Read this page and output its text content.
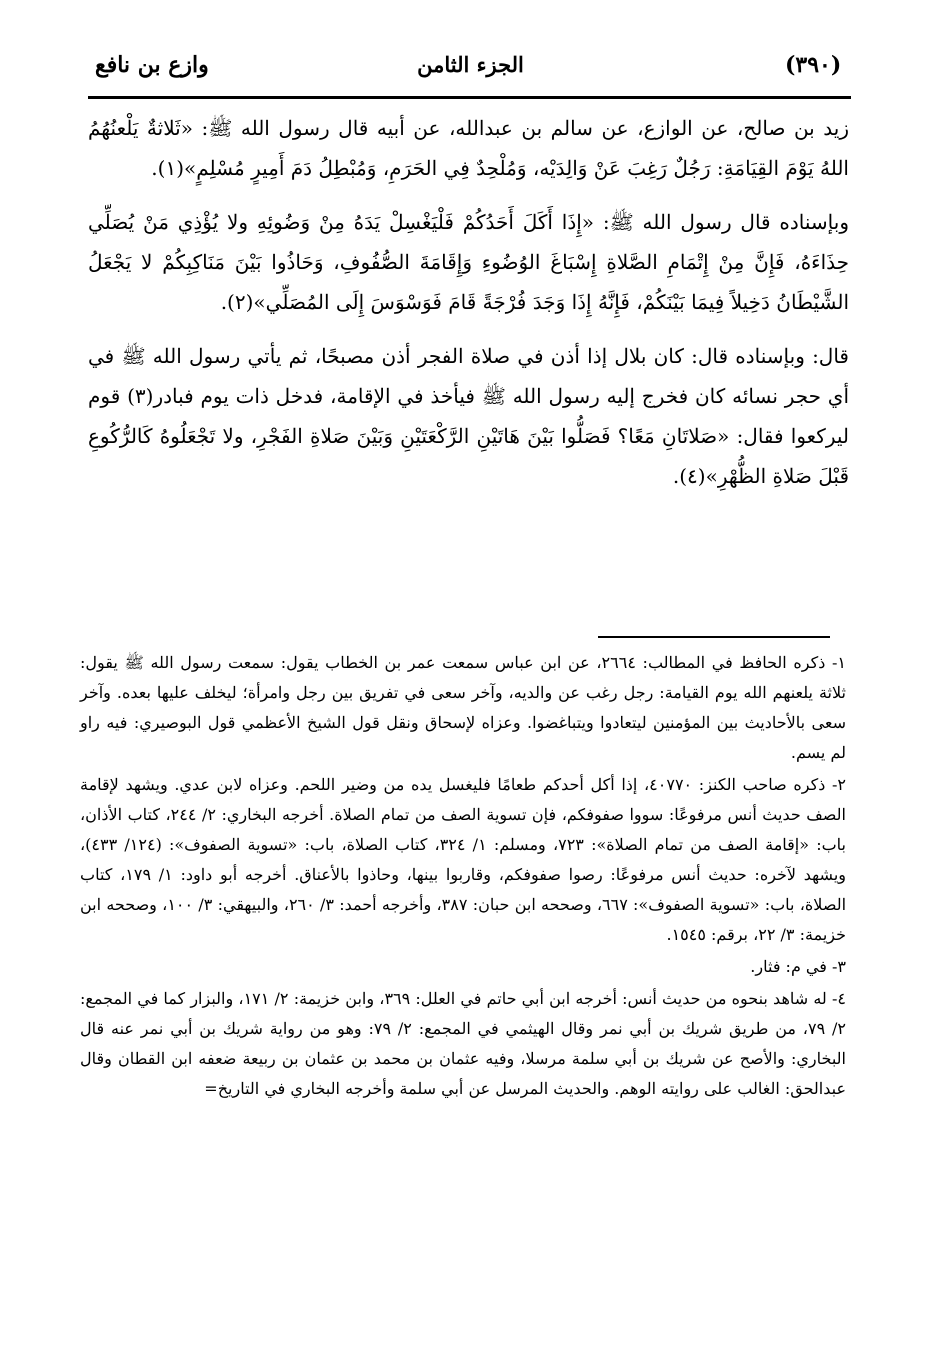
(٣٩٠)
الجزء الثامن
وازع بن نافع

زيد بن صالح، عن الوازع، عن سالم بن عبدالله، عن أبيه قال رسول الله ﷺ: «ثَلاثةٌ يَلْعنُهُمُ اللهُ يَوْمَ القِيَامَةِ: رَجُلٌ رَغِبَ عَنْ وَالِدَيْه، وَمُلْحِدٌ فِي الحَرَمِ، وَمُبْطِلُ دَمَ أَمِيرٍ مُسْلِمٍ»(١).

وبإسناده قال رسول الله ﷺ: «إِذَا أَكَلَ أَحَدُكُمْ فَلْيَغْسِلْ يَدَهُ مِنْ وَضُوئِهِ ولا يُؤْذِي مَنْ يُصَلِّي حِذَاءَهُ، فَإِنَّ مِنْ إِتْمَامِ الصَّلاةِ إِسْبَاغَ الوُضُوءِ وَإِقَامَةَ الصُّفُوفِ، وَحَاذُوا بَيْنَ مَنَاكِبِكُمْ لا يَجْعَلُ الشَّيْطَانُ دَخِيلاً فِيمَا بَيْنَكُمْ، فَإِنَّهُ إِذَا وَجَدَ فُرْجَةً قَامَ فَوَسْوَسَ إِلَى المُصَلِّي»(٢).

قال: وبإسناده قال: كان بلال إذا أذن في صلاة الفجر أذن مصبحًا، ثم يأتي رسول الله ﷺ في أي حجر نسائه كان فخرج إليه رسول الله ﷺ فيأخذ في الإقامة، فدخل ذات يوم فبادر(٣) قوم ليركعوا فقال: «صَلاتَانِ مَعًا؟ فَصَلُّوا بَيْنَ هَاتَيْنِ الرَّكْعَتَيْنِ وَبَيْنَ صَلاةِ الفَجْرِ، ولا تَجْعَلُوهُ كَالرُّكُوعِ قَبْلَ صَلاةِ الظُّهْرِ»(٤).

١- ذكره الحافظ في المطالب: ٢٦٦٤، عن ابن عباس سمعت عمر بن الخطاب يقول: سمعت رسول الله ﷺ يقول: ثلاثة يلعنهم الله يوم القيامة: رجل رغب عن والديه، وآخر سعى في تفريق بين رجل وامرأة؛ ليخلف عليها بعده. وآخر سعى بالأحاديث بين المؤمنين ليتعادوا ويتباغضوا. وعزاه لإسحاق ونقل قول الشيخ الأعظمي قول البوصيري: فيه راو لم يسم.

٢- ذكره صاحب الكنز: ٤٠٧٧٠، إذا أكل أحدكم طعامًا فليغسل يده من وضير اللحم. وعزاه لابن عدي. ويشهد لإقامة الصف حديث أنس مرفوعًا: سووا صفوفكم، فإن تسوية الصف من تمام الصلاة. أخرجه البخاري: ٢/ ٢٤٤، كتاب الأذان، باب: «إقامة الصف من تمام الصلاة»: ٧٢٣، ومسلم: ١/ ٣٢٤، كتاب الصلاة، باب: «تسوية الصفوف»: (١٢٤/ ٤٣٣)، ويشهد لآخره: حديث أنس مرفوعًا: رصوا صفوفكم، وقاربوا بينها، وحاذوا بالأعناق. أخرجه أبو داود: ١/ ١٧٩، كتاب الصلاة، باب: «تسوية الصفوف»: ٦٦٧، وصححه ابن حبان: ٣٨٧، وأخرجه أحمد: ٣/ ٢٦٠، والبيهقي: ٣/ ١٠٠، وصححه ابن خزيمة: ٣/ ٢٢، برقم: ١٥٤٥.

٣- في م: فثار.

٤- له شاهد بنحوه من حديث أنس: أخرجه ابن أبي حاتم في العلل: ٣٦٩، وابن خزيمة: ٢/ ١٧١، والبزار كما في المجمع: ٢/ ٧٩، من طريق شريك بن أبي نمر وقال الهيثمي في المجمع: ٢/ ٧٩: وهو من رواية شريك بن أبي نمر عنه قال البخاري: والأصح عن شريك بن أبي سلمة مرسلا، وفيه عثمان بن محمد بن عثمان بن ربيعة ضعفه ابن القطان وقال عبدالحق: الغالب على روايته الوهم. والحديث المرسل عن أبي سلمة وأخرجه البخاري في التاريخ=
